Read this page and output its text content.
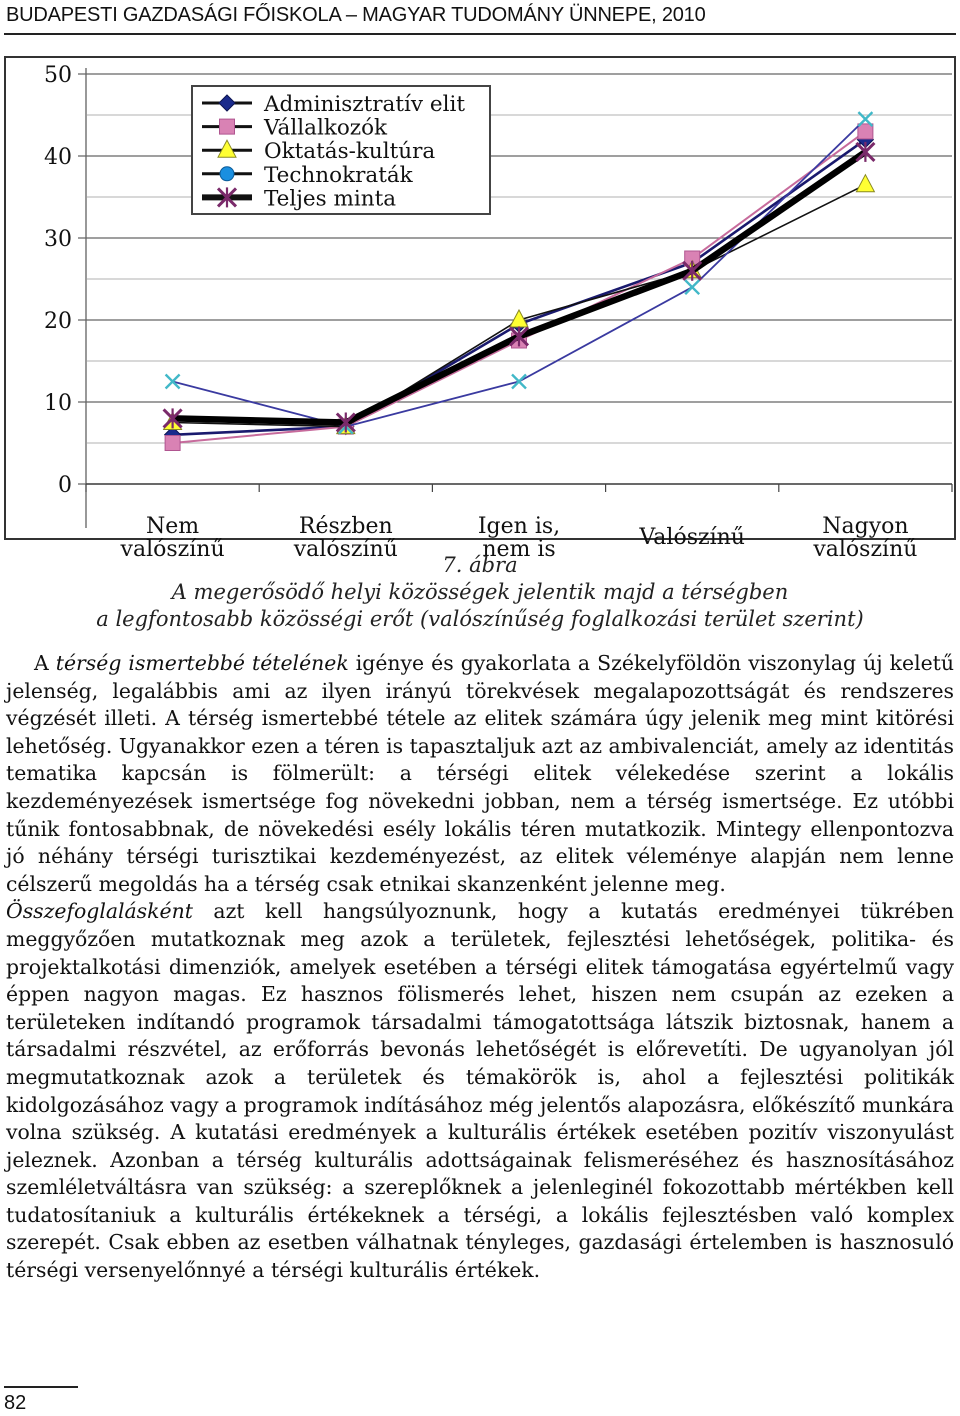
BUDAPESTI GAZDASÁGI FŐISKOLA – MAGYAR TUDOMÁNY ÜNNEPE, 2010
0
10
20
30
40
50
Nem
valószínű
Részben
valószínű
Igen is,
nem is	Valószínű	Nagyon
valószínű
Adminisztratív elit
Vállalkozók
Oktatás-kultúra
Technokraták
Teljes minta
7. ábra
A megerősödő helyi közösségek jelentik majd a térségben
a legfontosabb közösségi erőt (valószínűség foglalkozási terület szerint)

A térség ismertebbé tételének igénye és gyakorlata a Székelyföldön viszonylag új keletű jelenség, legalábbis ami az ilyen irányú törekvések megalapozottságát és rendszeres végzését illeti. A térség ismertebbé tétele az elitek számára úgy jelenik meg mint kitörési lehetőség. Ugyanakkor ezen a téren is tapasztaljuk azt az ambivalenciát, amely az identitás tematika kapcsán is fölmerült: a térségi elitek vélekedése szerint a lokális kezdeményezések ismertsége fog növekedni jobban, nem a térség ismertsége. Ez utóbbi tűnik fontosabbnak, de növekedési esély lokális téren mutatkozik. Mintegy ellenpontozva jó néhány térségi turisztikai kezdeményezést, az elitek véleménye alapján nem lenne célszerű megoldás ha a térség csak etnikai skanzenként jelenne meg.

Összefoglalásként azt kell hangsúlyoznunk, hogy a kutatás eredményei tükrében meggyőzően mutatkoznak meg azok a területek, fejlesztési lehetőségek, politika- és projektalkotási dimenziók, amelyek esetében a térségi elitek támogatása egyértelmű vagy éppen nagyon magas. Ez hasznos fölismerés lehet, hiszen nem csupán az ezeken a területeken indítandó programok társadalmi támogatottsága látszik biztosnak, hanem a társadalmi részvétel, az erőforrás bevonás lehetőségét is előrevetíti. De ugyanolyan jól megmutatkoznak azok a területek és témakörök is, ahol a fejlesztési politikák kidolgozásához vagy a programok indításához még jelentős alapozásra, előkészítő munkára volna szükség. A kutatási eredmények a kulturális értékek esetében pozitív viszonyulást jeleznek. Azonban a térség kulturális adottságainak felismeréséhez és hasznosításához szemléletváltásra van szükség: a szereplőknek a jelenleginél fokozottabb mértékben kell tudatosítaniuk a kulturális értékeknek a térségi, a lokális fejlesztésben való komplex szerepét. Csak ebben az esetben válhatnak tényleges, gazdasági értelemben is hasznosuló térségi versenyelőnnyé a térségi kulturális értékek.

82
